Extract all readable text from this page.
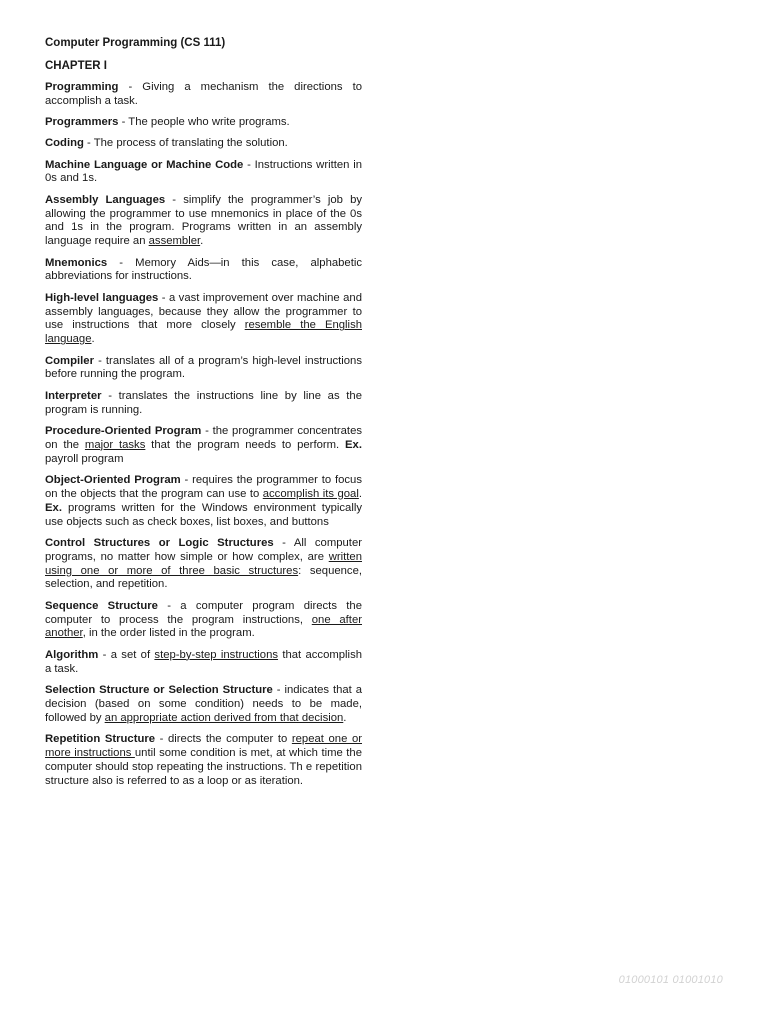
Computer Programming (CS 111)
CHAPTER I
Programming - Giving a mechanism the directions to accomplish a task.
Programmers - The people who write programs.
Coding - The process of translating the solution.
Machine Language or Machine Code - Instructions written in 0s and 1s.
Assembly Languages - simplify the programmer’s job by allowing the programmer to use mnemonics in place of the 0s and 1s in the program. Programs written in an assembly language require an assembler.
Mnemonics - Memory Aids—in this case, alphabetic abbreviations for instructions.
High-level languages - a vast improvement over machine and assembly languages, because they allow the programmer to use instructions that more closely resemble the English language.
Compiler - translates all of a program’s high-level instructions before running the program.
Interpreter - translates the instructions line by line as the program is running.
Procedure-Oriented Program - the programmer concentrates on the major tasks that the program needs to perform. Ex. payroll program
Object-Oriented Program - requires the programmer to focus on the objects that the program can use to accomplish its goal. Ex. programs written for the Windows environment typically use objects such as check boxes, list boxes, and buttons
Control Structures or Logic Structures - All computer programs, no matter how simple or how complex, are written using one or more of three basic structures: sequence, selection, and repetition.
Sequence Structure - a computer program directs the computer to process the program instructions, one after another, in the order listed in the program.
Algorithm - a set of step-by-step instructions that accomplish a task.
Selection Structure or Selection Structure - indicates that a decision (based on some condition) needs to be made, followed by an appropriate action derived from that decision.
Repetition Structure - directs the computer to repeat one or more instructions until some condition is met, at which time the computer should stop repeating the instructions. Th e repetition structure also is referred to as a loop or as iteration.
01000101 01001010
